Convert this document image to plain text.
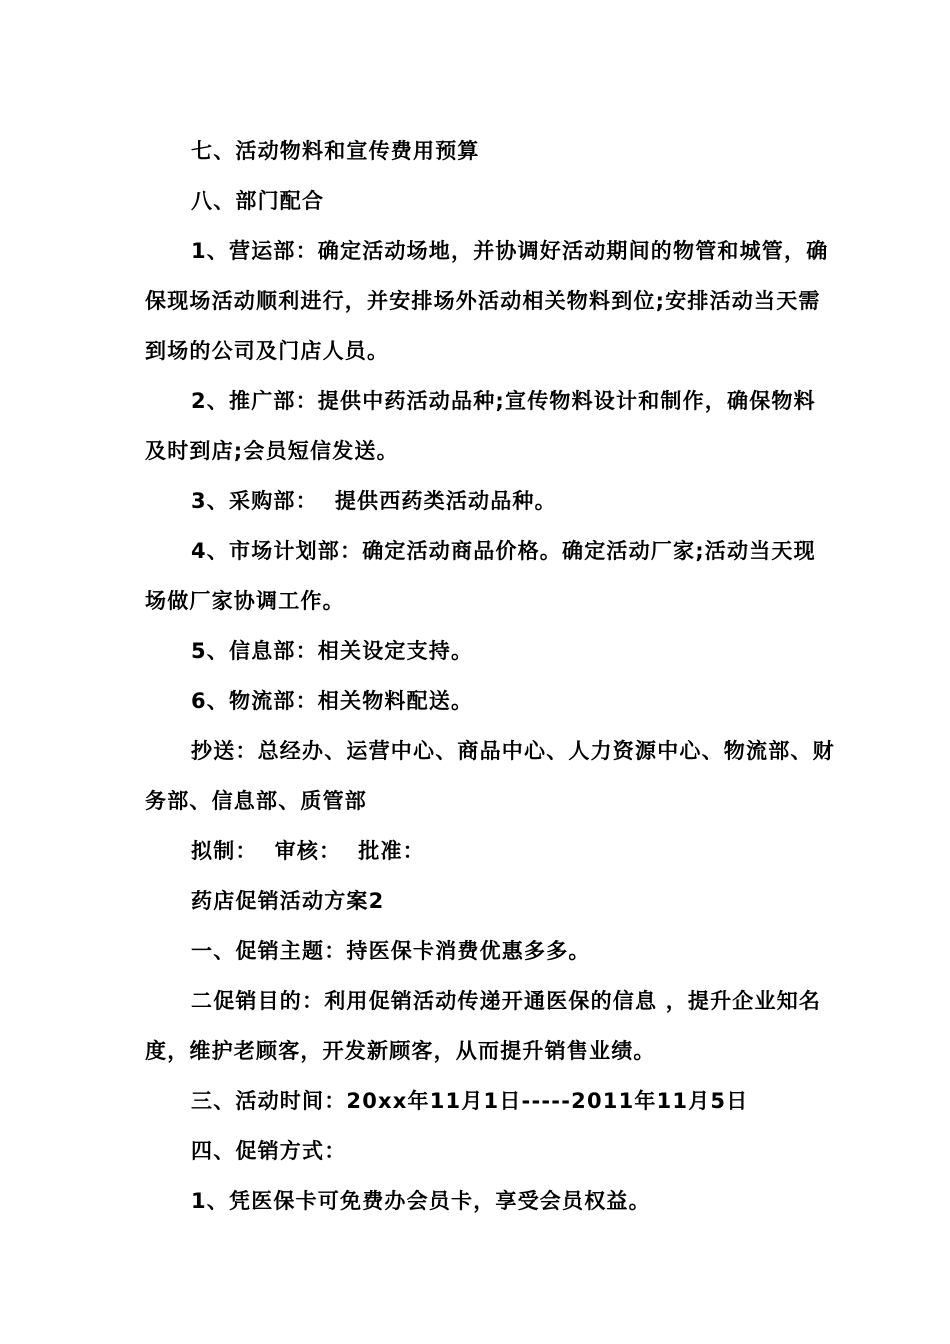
七、活动物料和宣传费用预算

八、部门配合

1、营运部：确定活动场地，并协调好活动期间的物管和城管，确保现场活动顺利进行，并安排场外活动相关物料到位;安排活动当天需到场的公司及门店人员。

2、推广部：提供中药活动品种;宣传物料设计和制作，确保物料及时到店;会员短信发送。

3、采购部：  提供西药类活动品种。

4、市场计划部：确定活动商品价格。确定活动厂家;活动当天现场做厂家协调工作。

5、信息部：相关设定支持。

6、物流部：相关物料配送。

抄送：总经办、运营中心、商品中心、人力资源中心、物流部、财务部、信息部、质管部

拟制：  审核：  批准：

药店促销活动方案2

一、促销主题：持医保卡消费优惠多多。

二促销目的：利用促销活动传递开通医保的信息 ，提升企业知名度，维护老顾客，开发新顾客，从而提升销售业绩。

三、活动时间：20xx年11月1日-----2011年11月5日

四、促销方式：

1、凭医保卡可免费办会员卡，享受会员权益。
